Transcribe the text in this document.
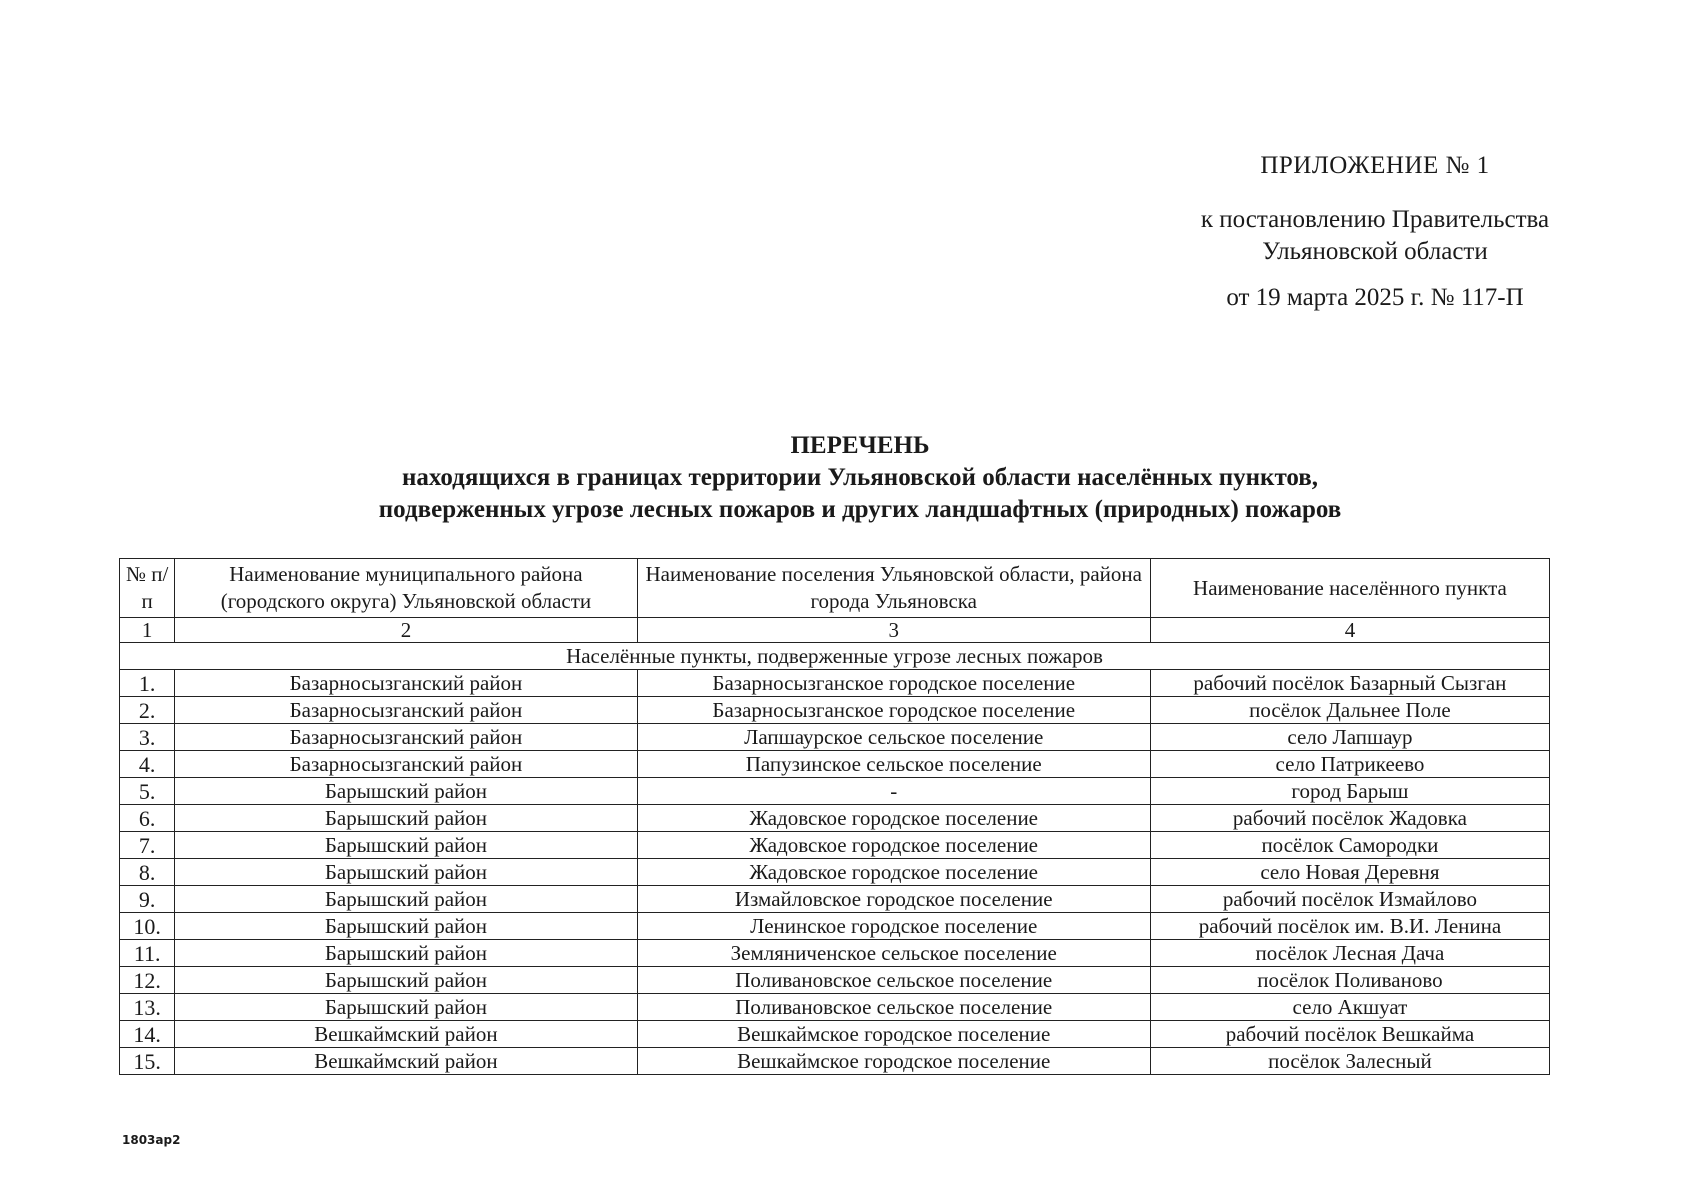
ПРИЛОЖЕНИЕ № 1
к постановлению Правительства
Ульяновской области
от 19 марта 2025 г. № 117-П
ПЕРЕЧЕНЬ
находящихся в границах территории Ульяновской области населённых пунктов,
подверженных угрозе лесных пожаров и других ландшафтных (природных) пожаров
№ п/п	Наименование муниципального района (городского округа) Ульяновской области	Наименование поселения Ульяновской области, района города Ульяновска	Наименование населённого пункта
1	2	3	4
Населённые пункты, подверженные угрозе лесных пожаров			
1.	Базарносызганский район	Базарносызганское городское поселение	рабочий посёлок Базарный Сызган
2.	Базарносызганский район	Базарносызганское городское поселение	посёлок Дальнее Поле
3.	Базарносызганский район	Лапшаурское сельское поселение	село Лапшаур
4.	Базарносызганский район	Папузинское сельское поселение	село Патрикеево
5.	Барышский район	-	город Барыш
6.	Барышский район	Жадовское городское поселение	рабочий посёлок Жадовка
7.	Барышский район	Жадовское городское поселение	посёлок Самородки
8.	Барышский район	Жадовское городское поселение	село Новая Деревня
9.	Барышский район	Измайловское городское поселение	рабочий посёлок Измайлово
10.	Барышский район	Ленинское городское поселение	рабочий посёлок им. В.И. Ленина
11.	Барышский район	Земляниченское сельское поселение	посёлок Лесная Дача
12.	Барышский район	Поливановское сельское поселение	посёлок Поливаново
13.	Барышский район	Поливановское сельское поселение	село Акшуат
14.	Вешкаймский район	Вешкаймское городское поселение	рабочий посёлок Вешкайма
15.	Вешкаймский район	Вешкаймское городское поселение	посёлок Залесный
1803ap2
